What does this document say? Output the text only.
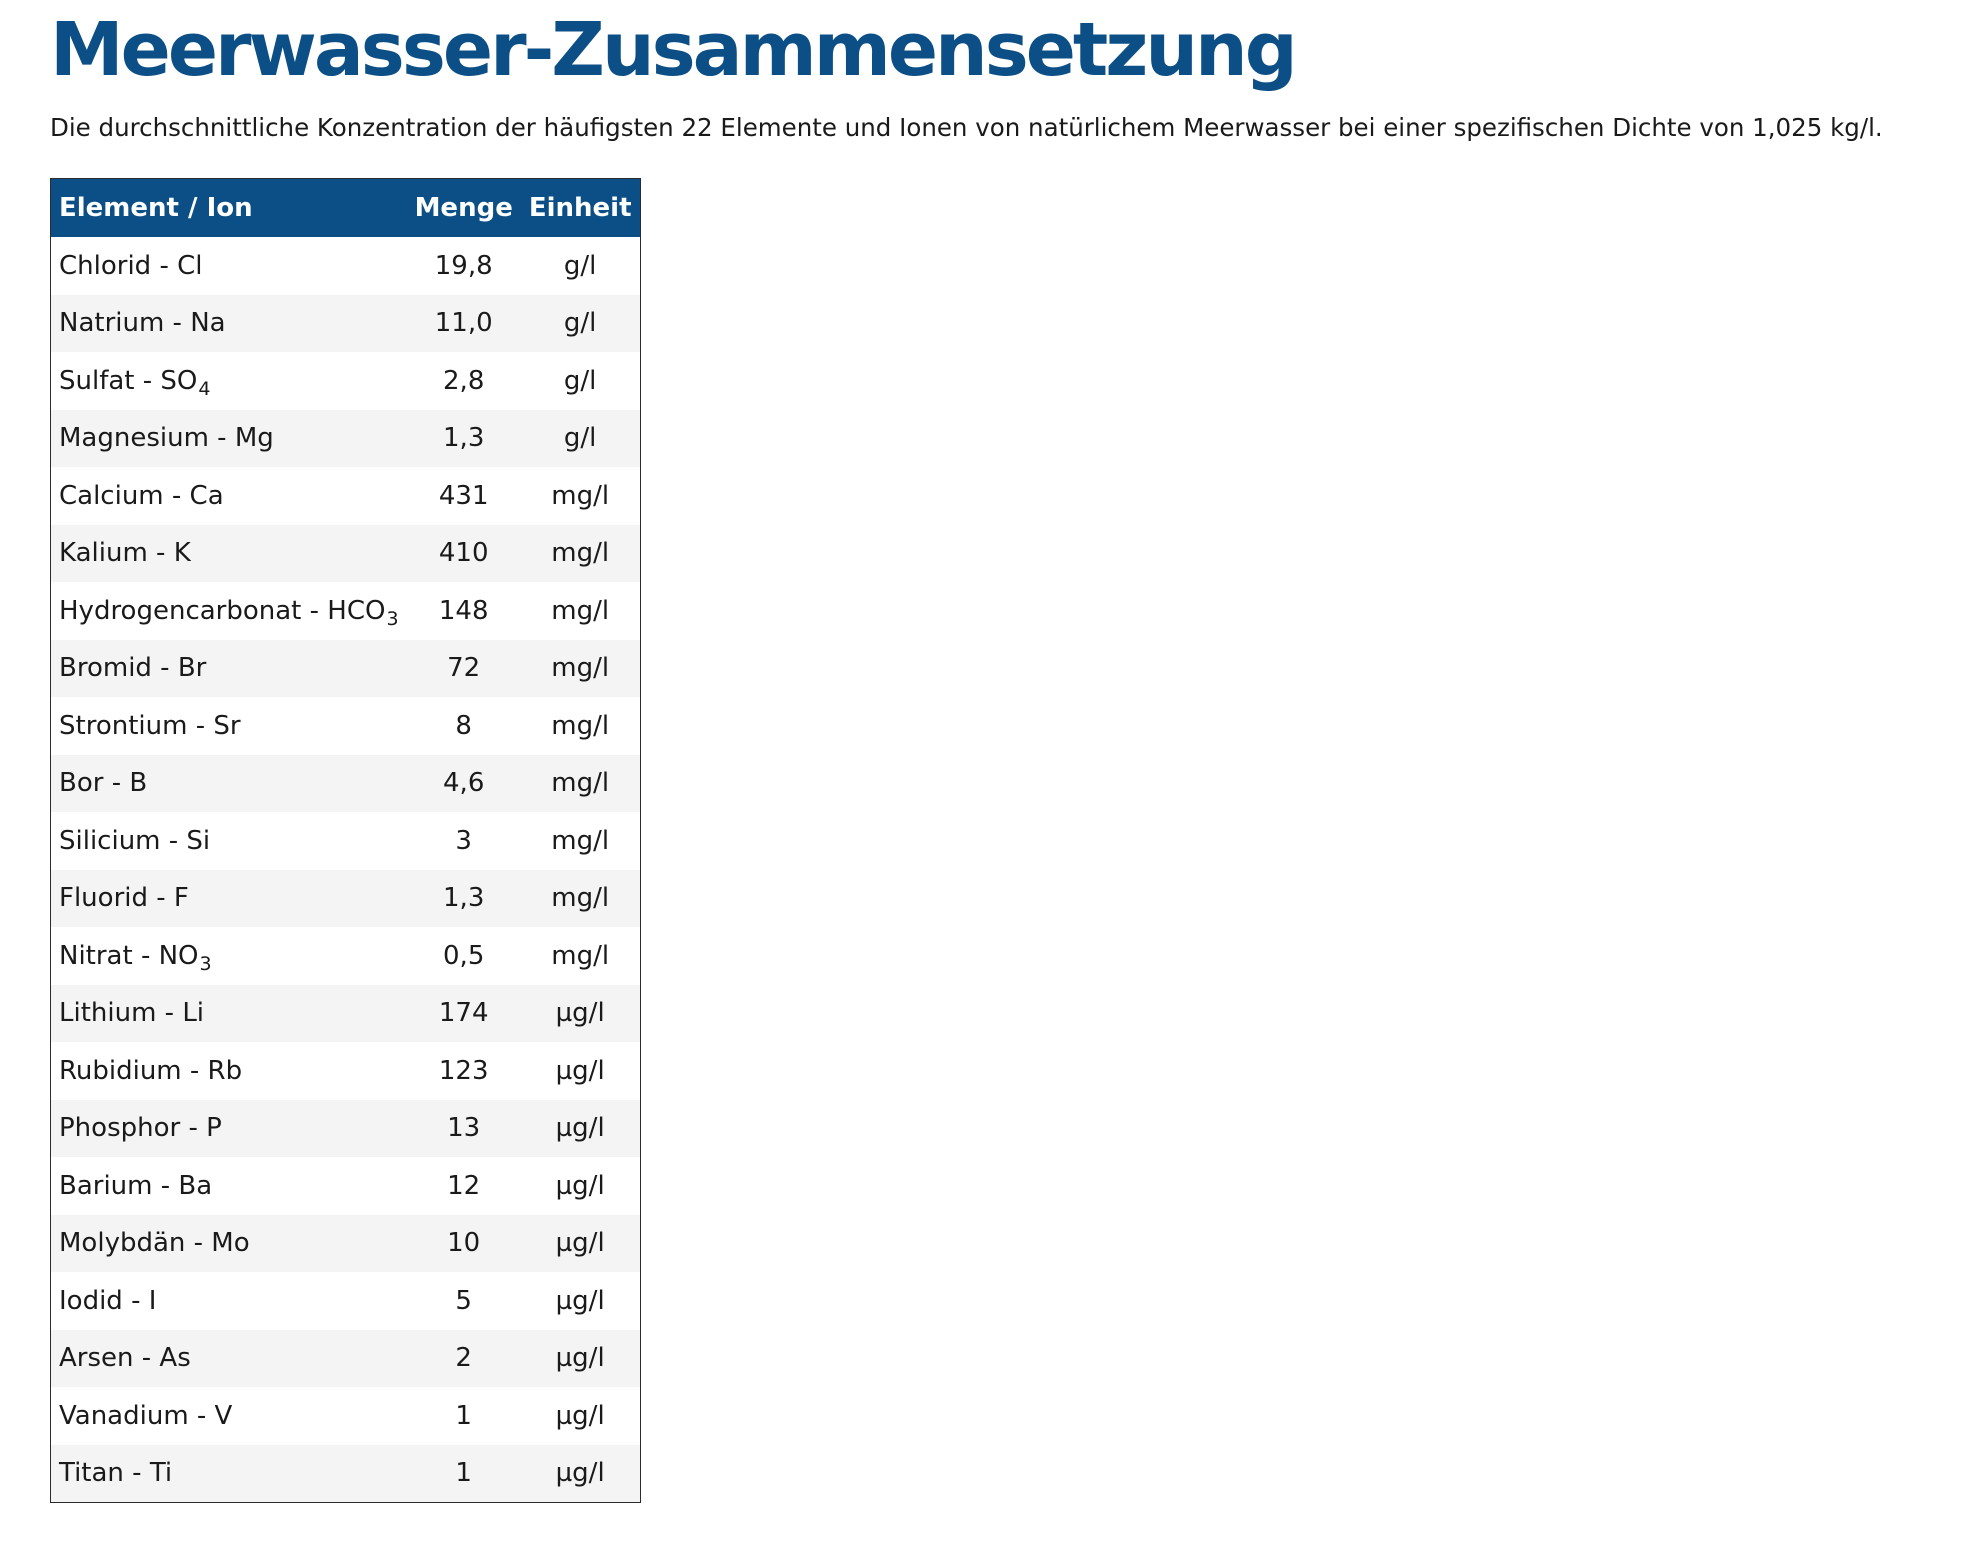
Meerwasser-Zusammensetzung

Die durchschnittliche Konzentration der häufigsten 22 Elemente und Ionen von natürlichem Meerwasser bei einer spezifischen Dichte von 1,025 kg/l.

Element / Ion	Menge	Einheit
Chlorid - Cl	19,8	g/l
Natrium - Na	11,0	g/l
Sulfat - $SO_4$	2,8	g/l
Magnesium - Mg	1,3	g/l
Calcium - Ca	431	mg/l
Kalium - K	410	mg/l
Hydrogencarbonat - $HCO_3$	148	mg/l
Bromid - Br	72	mg/l
Strontium - Sr	8	mg/l
Bor - B	4,6	mg/l
Silicium - Si	3	mg/l
Fluorid - F	1,3	mg/l
Nitrat - $NO_3$	0,5	mg/l
Lithium - Li	174	µg/l
Rubidium - Rb	123	µg/l
Phosphor - P	13	µg/l
Barium - Ba	12	µg/l
Molybdän - Mo	10	µg/l
Iodid - I	5	µg/l
Arsen - As	2	µg/l
Vanadium - V	1	µg/l
Titan - Ti	1	µg/l
